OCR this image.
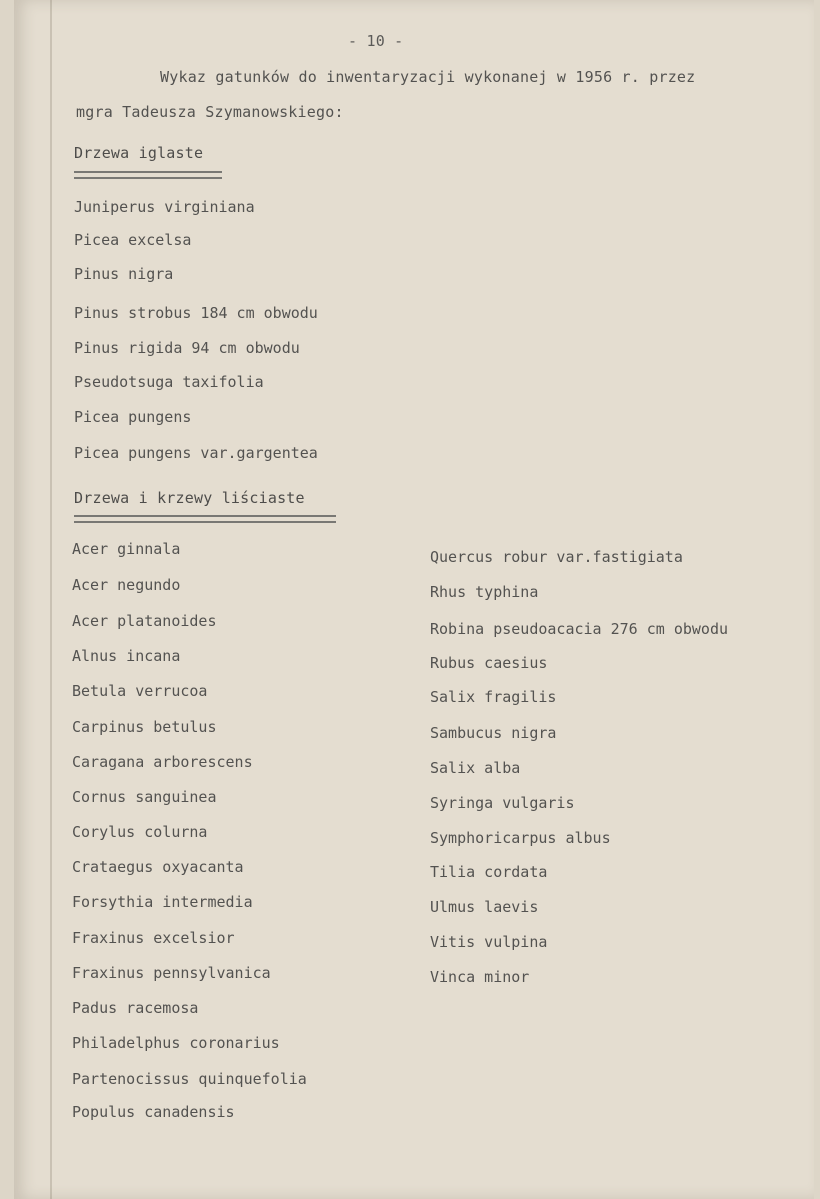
- 10 -
Wykaz gatunków do inwentaryzacji wykonanej w 1956 r. przez
mgra Tadeusza Szymanowskiego:
Drzewa iglaste
Juniperus virginiana
Picea excelsa
Pinus nigra
Pinus strobus 184 cm obwodu
Pinus rigida 94 cm obwodu
Pseudotsuga taxifolia
Picea pungens
Picea pungens var.gargentea
Drzewa i krzewy liściaste
Acer ginnala
Acer negundo
Acer platanoides
Alnus incana
Betula verrucoa
Carpinus betulus
Caragana arborescens
Cornus sanguinea
Corylus colurna
Crataegus oxyacanta
Forsythia intermedia
Fraxinus excelsior
Fraxinus pennsylvanica
Padus racemosa
Philadelphus coronarius
Partenocissus quinquefolia
Populus canadensis
Quercus robur var.fastigiata
Rhus typhina
Robina pseudoacacia 276 cm obwodu
Rubus caesius
Salix fragilis
Sambucus nigra
Salix alba
Syringa vulgaris
Symphoricarpus albus
Tilia cordata
Ulmus laevis
Vitis vulpina
Vinca minor
